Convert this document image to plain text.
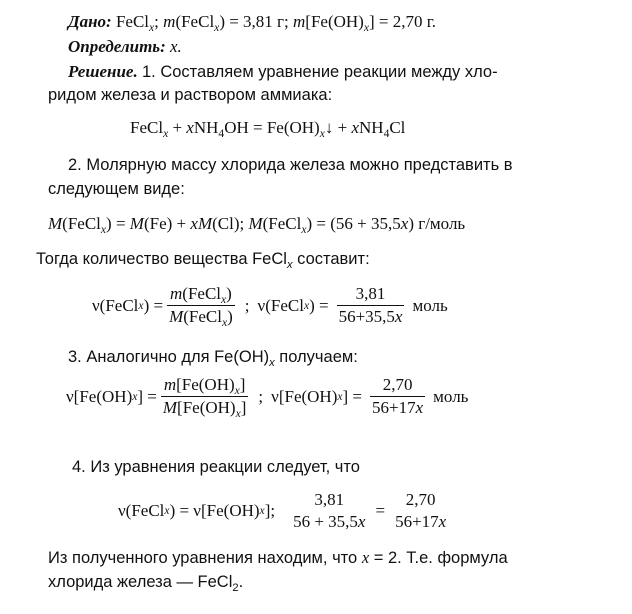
Дано: FeCl$_x$; m(FeCl$_x$) = 3,81 г; $m[Fe(OH)_x] = 2,70$ г.
Определить: x.
Решение. 1. Составляем уравнение реакции между хло-
ридом железа и раствором аммиака:
FeCl$_x$ + $xNH_4OH = Fe(OH)_x↓ + xNH_4Cl$
2. Молярную массу хлорида железа можно представить в
следующем виде:
M(FeCl$_x$) = M(Fe) + xM(Cl); M(FeCl$_x$) = (56 + 35,5x) г/моль
Тогда количество вещества FeCl$_x$ составит:
ν(FeCl x ) = $\frac{m(FeCl_x)}{M(FeCl_x)}$ ; ν(FeCl x ) = $\frac{3,81}{56+35,5x}$ моль
3. Аналогично для $Fe(OH)_x$ получаем:
ν[Fe(OH) x ] = $\frac{m[Fe(OH)_x]}{M[Fe(OH)_x]}$ ; ν[Fe(OH) x ] = $\frac{2,70}{56+17x}$ моль
4. Из уравнения реакции следует, что
ν(FeCl x ) = ν[Fe(OH) x ];
3,81
56 + 35,5x
=
2,70
56+17x
Из полученного уравнения находим, что x = 2. Т.е. формула
хлорида железа — FeCl$_2$.
